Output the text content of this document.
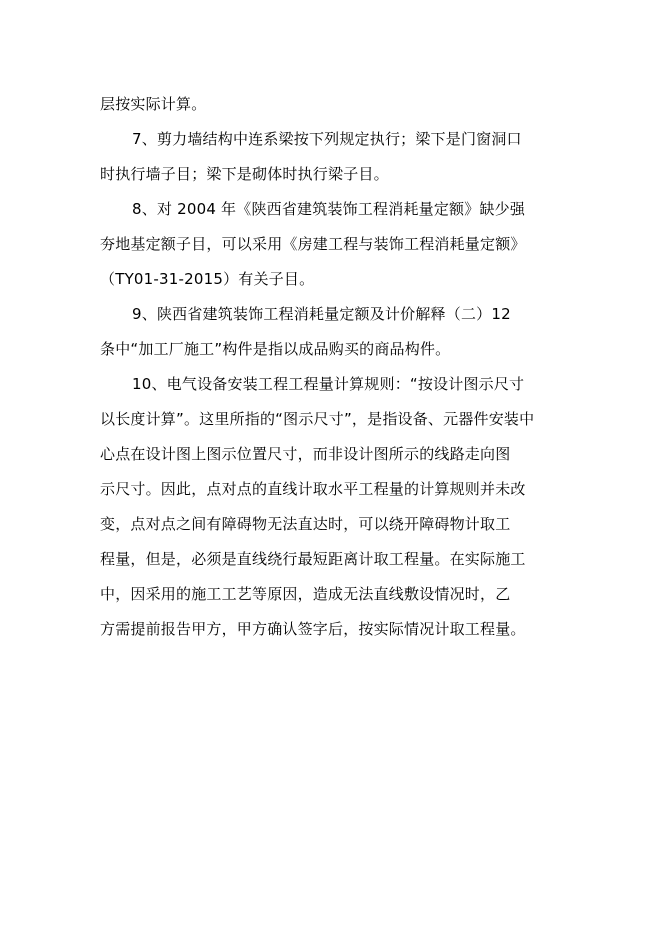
层按实际计算。
7、剪力墙结构中连系梁按下列规定执行；梁下是门窗洞口
时执行墙子目；梁下是砌体时执行梁子目。
8、对 2004 年《陕西省建筑装饰工程消耗量定额》缺少强
夯地基定额子目，可以采用《房建工程与装饰工程消耗量定额》
（TY01-31-2015）有关子目。
9、陕西省建筑装饰工程消耗量定额及计价解释（二）12
条中“加工厂施工”构件是指以成品购买的商品构件。
10、电气设备安装工程工程量计算规则：“按设计图示尺寸
以长度计算”。这里所指的“图示尺寸”，是指设备、元器件安装中
心点在设计图上图示位置尺寸，而非设计图所示的线路走向图
示尺寸。因此，点对点的直线计取水平工程量的计算规则并未改
变，点对点之间有障碍物无法直达时，可以绕开障碍物计取工
程量，但是，必须是直线绕行最短距离计取工程量。在实际施工
中，因采用的施工工艺等原因，造成无法直线敷设情况时，乙
方需提前报告甲方，甲方确认签字后，按实际情况计取工程量。
